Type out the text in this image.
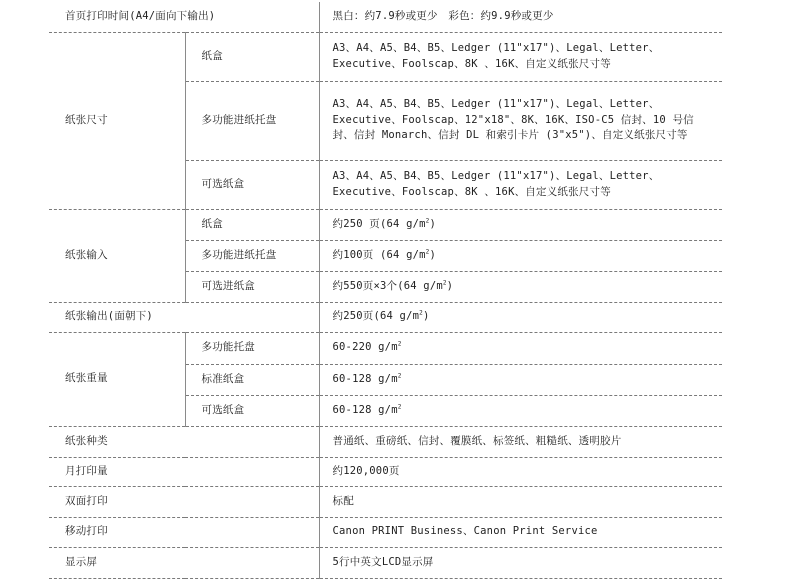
首页打印时间(A4/面向下输出)		黑白：约7.9秒或更少　彩色：约9.9秒或更少
纸张尺寸	纸盒	A3、A4、A5、B4、B5、Ledger (11"x17")、Legal、Letter、Executive、Foolscap、8K 、16K、自定义纸张尺寸等
	多功能进纸托盘	A3、A4、A5、B4、B5、Ledger (11"x17")、Legal、Letter、Executive、Foolscap、12"x18"、8K、16K、ISO-C5 信封、10 号信封、信封 Monarch、信封 DL 和索引卡片 (3"x5")、自定义纸张尺寸等
	可选纸盒	A3、A4、A5、B4、B5、Ledger (11"x17")、Legal、Letter、Executive、Foolscap、8K 、16K、自定义纸张尺寸等
纸张输入	纸盒	约250 页(64 $g/m^2$)
	多功能进纸托盘	约100页 (64 $g/m^2$)
	可选进纸盒	约550页×3个(64 $g/m^2$)
纸张输出(面朝下)		约250页(64 $g/m^2$)
纸张重量	多功能托盘	60-220 $g/m^2$
	标准纸盒	60-128 $g/m^2$
	可选纸盒	60-128 $g/m^2$
纸张种类		普通纸、重磅纸、信封、覆膜纸、标签纸、粗糙纸、透明胶片
月打印量		约120,000页
双面打印		标配
移动打印		Canon PRINT Business、Canon Print Service
显示屏		5行中英文LCD显示屏
